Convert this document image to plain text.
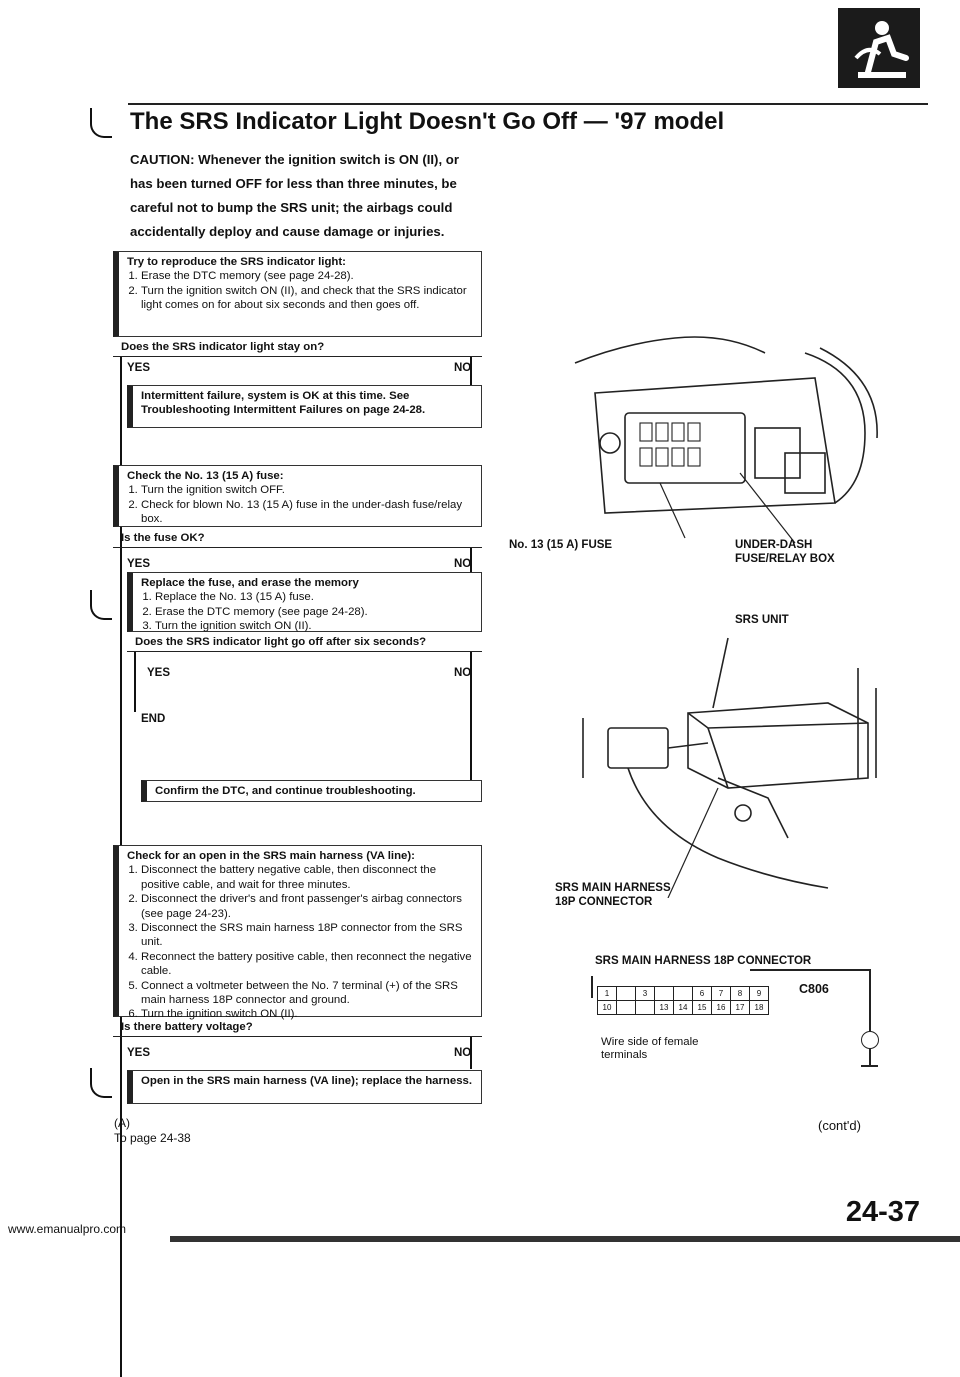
The SRS Indicator Light Doesn't Go Off — '97 model
CAUTION: Whenever the ignition switch is ON (II), or
has been turned OFF for less than three minutes, be
careful not to bump the SRS unit; the airbags could
accidentally deploy and cause damage or injuries.
Try to reproduce the SRS indicator light:
1. Erase the DTC memory (see page 24-28).
2. Turn the ignition switch ON (II), and check that the SRS indicator light comes on for about six seconds and then goes off.
Does the SRS indicator light stay on?
YES	NO
Intermittent failure, system is OK at this time. See Troubleshooting Intermittent Failures on page 24-28.
Check the No. 13 (15 A) fuse:
1. Turn the ignition switch OFF.
2. Check for blown No. 13 (15 A) fuse in the under-dash fuse/relay box.
Is the fuse OK?
YES	NO
Replace the fuse, and erase the memory
1. Replace the No. 13 (15 A) fuse.
2. Erase the DTC memory (see page 24-28).
3. Turn the ignition switch ON (II).
Does the SRS indicator light go off after six seconds?
YES	NO
END
Confirm the DTC, and continue troubleshooting.
Check for an open in the SRS main harness (VA line):
1. Disconnect the battery negative cable, then disconnect the positive cable, and wait for three minutes.
2. Disconnect the driver's and front passenger's airbag connectors (see page 24-23).
3. Disconnect the SRS main harness 18P connector from the SRS unit.
4. Reconnect the battery positive cable, then reconnect the negative cable.
5. Connect a voltmeter between the No. 7 terminal (+) of the SRS main harness 18P connector and ground.
6. Turn the ignition switch ON (II).
Is there battery voltage?
YES	NO
Open in the SRS main harness (VA line); replace the harness.
(A)
To page 24-38
No. 13 (15 A) FUSE	UNDER-DASH
FUSE/RELAY BOX
SRS UNIT
SRS MAIN HARNESS
18P CONNECTOR
SRS MAIN HARNESS 18P CONNECTOR
1		3			6	7	8	9
10			13	14	15	16	17	18
C806
Wire side of female
terminals
(cont'd)
24-37
www.emanualpro.com
